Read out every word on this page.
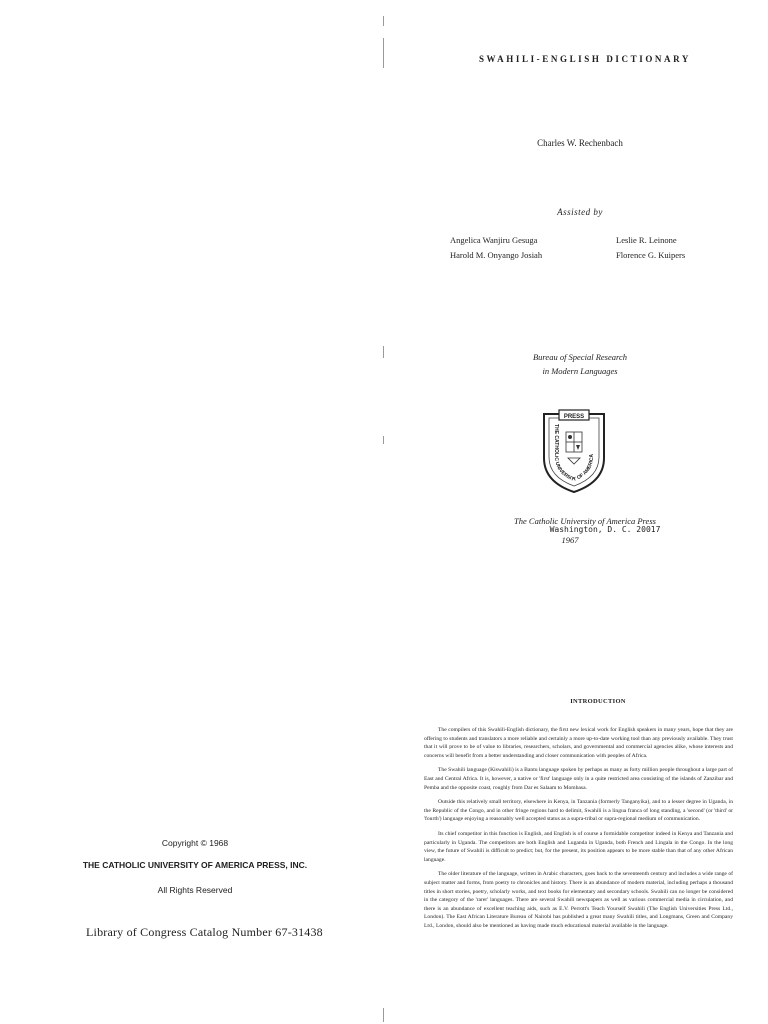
SWAHILI-ENGLISH DICTIONARY
Charles W. Rechenbach
Assisted by
Angelica Wanjiru Gesuga	Leslie R. Leinone
Harold M. Onyango Josiah	Florence G. Kuipers
Bureau of Special Research
in Modern Languages
PRESS
THE CATHOLIC UNIVERSITY OF AMERICA
The Catholic University of America Press
Washington, D. C. 20017
1967
INTRODUCTION

The compilers of this Swahili-English dictionary, the first new lexical work for English speakers in many years, hope that they are offering to students and translators a more reliable and certainly a more up-to-date working tool than any previously available. They trust that it will prove to be of value to libraries, researchers, scholars, and governmental and commercial agencies alike, whose interests and concerns will benefit from a better understanding and closer communication with peoples of Africa.

The Swahili language (Kiswahili) is a Bantu language spoken by perhaps as many as forty million people throughout a large part of East and Central Africa. It is, however, a native or 'first' language only in a quite restricted area consisting of the islands of Zanzibar and Pemba and the opposite coast, roughly from Dar es Salaam to Mombasa.

Outside this relatively small territory, elsewhere in Kenya, in Tanzania (formerly Tanganyika), and to a lesser degree in Uganda, in the Republic of the Congo, and in other fringe regions hard to delimit, Swahili is a lingua franca of long standing, a 'second' (or 'third' or 'fourth') language enjoying a reasonably well accepted status as a supra-tribal or supra-regional medium of communication.

Its chief competitor in this function is English, and English is of course a formidable competitor indeed in Kenya and Tanzania and particularly in Uganda. The competitors are both English and Luganda in Uganda, both French and Lingala in the Congo. In the long view, the future of Swahili is difficult to predict; but, for the present, its position appears to be more stable than that of any other African language.

The older literature of the language, written in Arabic characters, goes back to the seventeenth century and includes a wide range of subject matter and forms, from poetry to chronicles and history. There is an abundance of modern material, including perhaps a thousand titles in short stories, poetry, scholarly works, and text books for elementary and secondary schools. Swahili can no longer be considered in the category of the 'rarer' languages. There are several Swahili newspapers as well as various commercial media in circulation, and there is an abundance of excellent teaching aids, such as E.V. Perrott's Teach Yourself Swahili (The English Universities Press Ltd., London). The East African Literature Bureau of Nairobi has published a great many Swahili titles, and Longmans, Green and Company Ltd., London, should also be mentioned as having made much educational material available in the language.

Copyright © 1968
THE CATHOLIC UNIVERSITY OF AMERICA PRESS, INC.
All Rights Reserved
Library of Congress Catalog Number 67-31438
